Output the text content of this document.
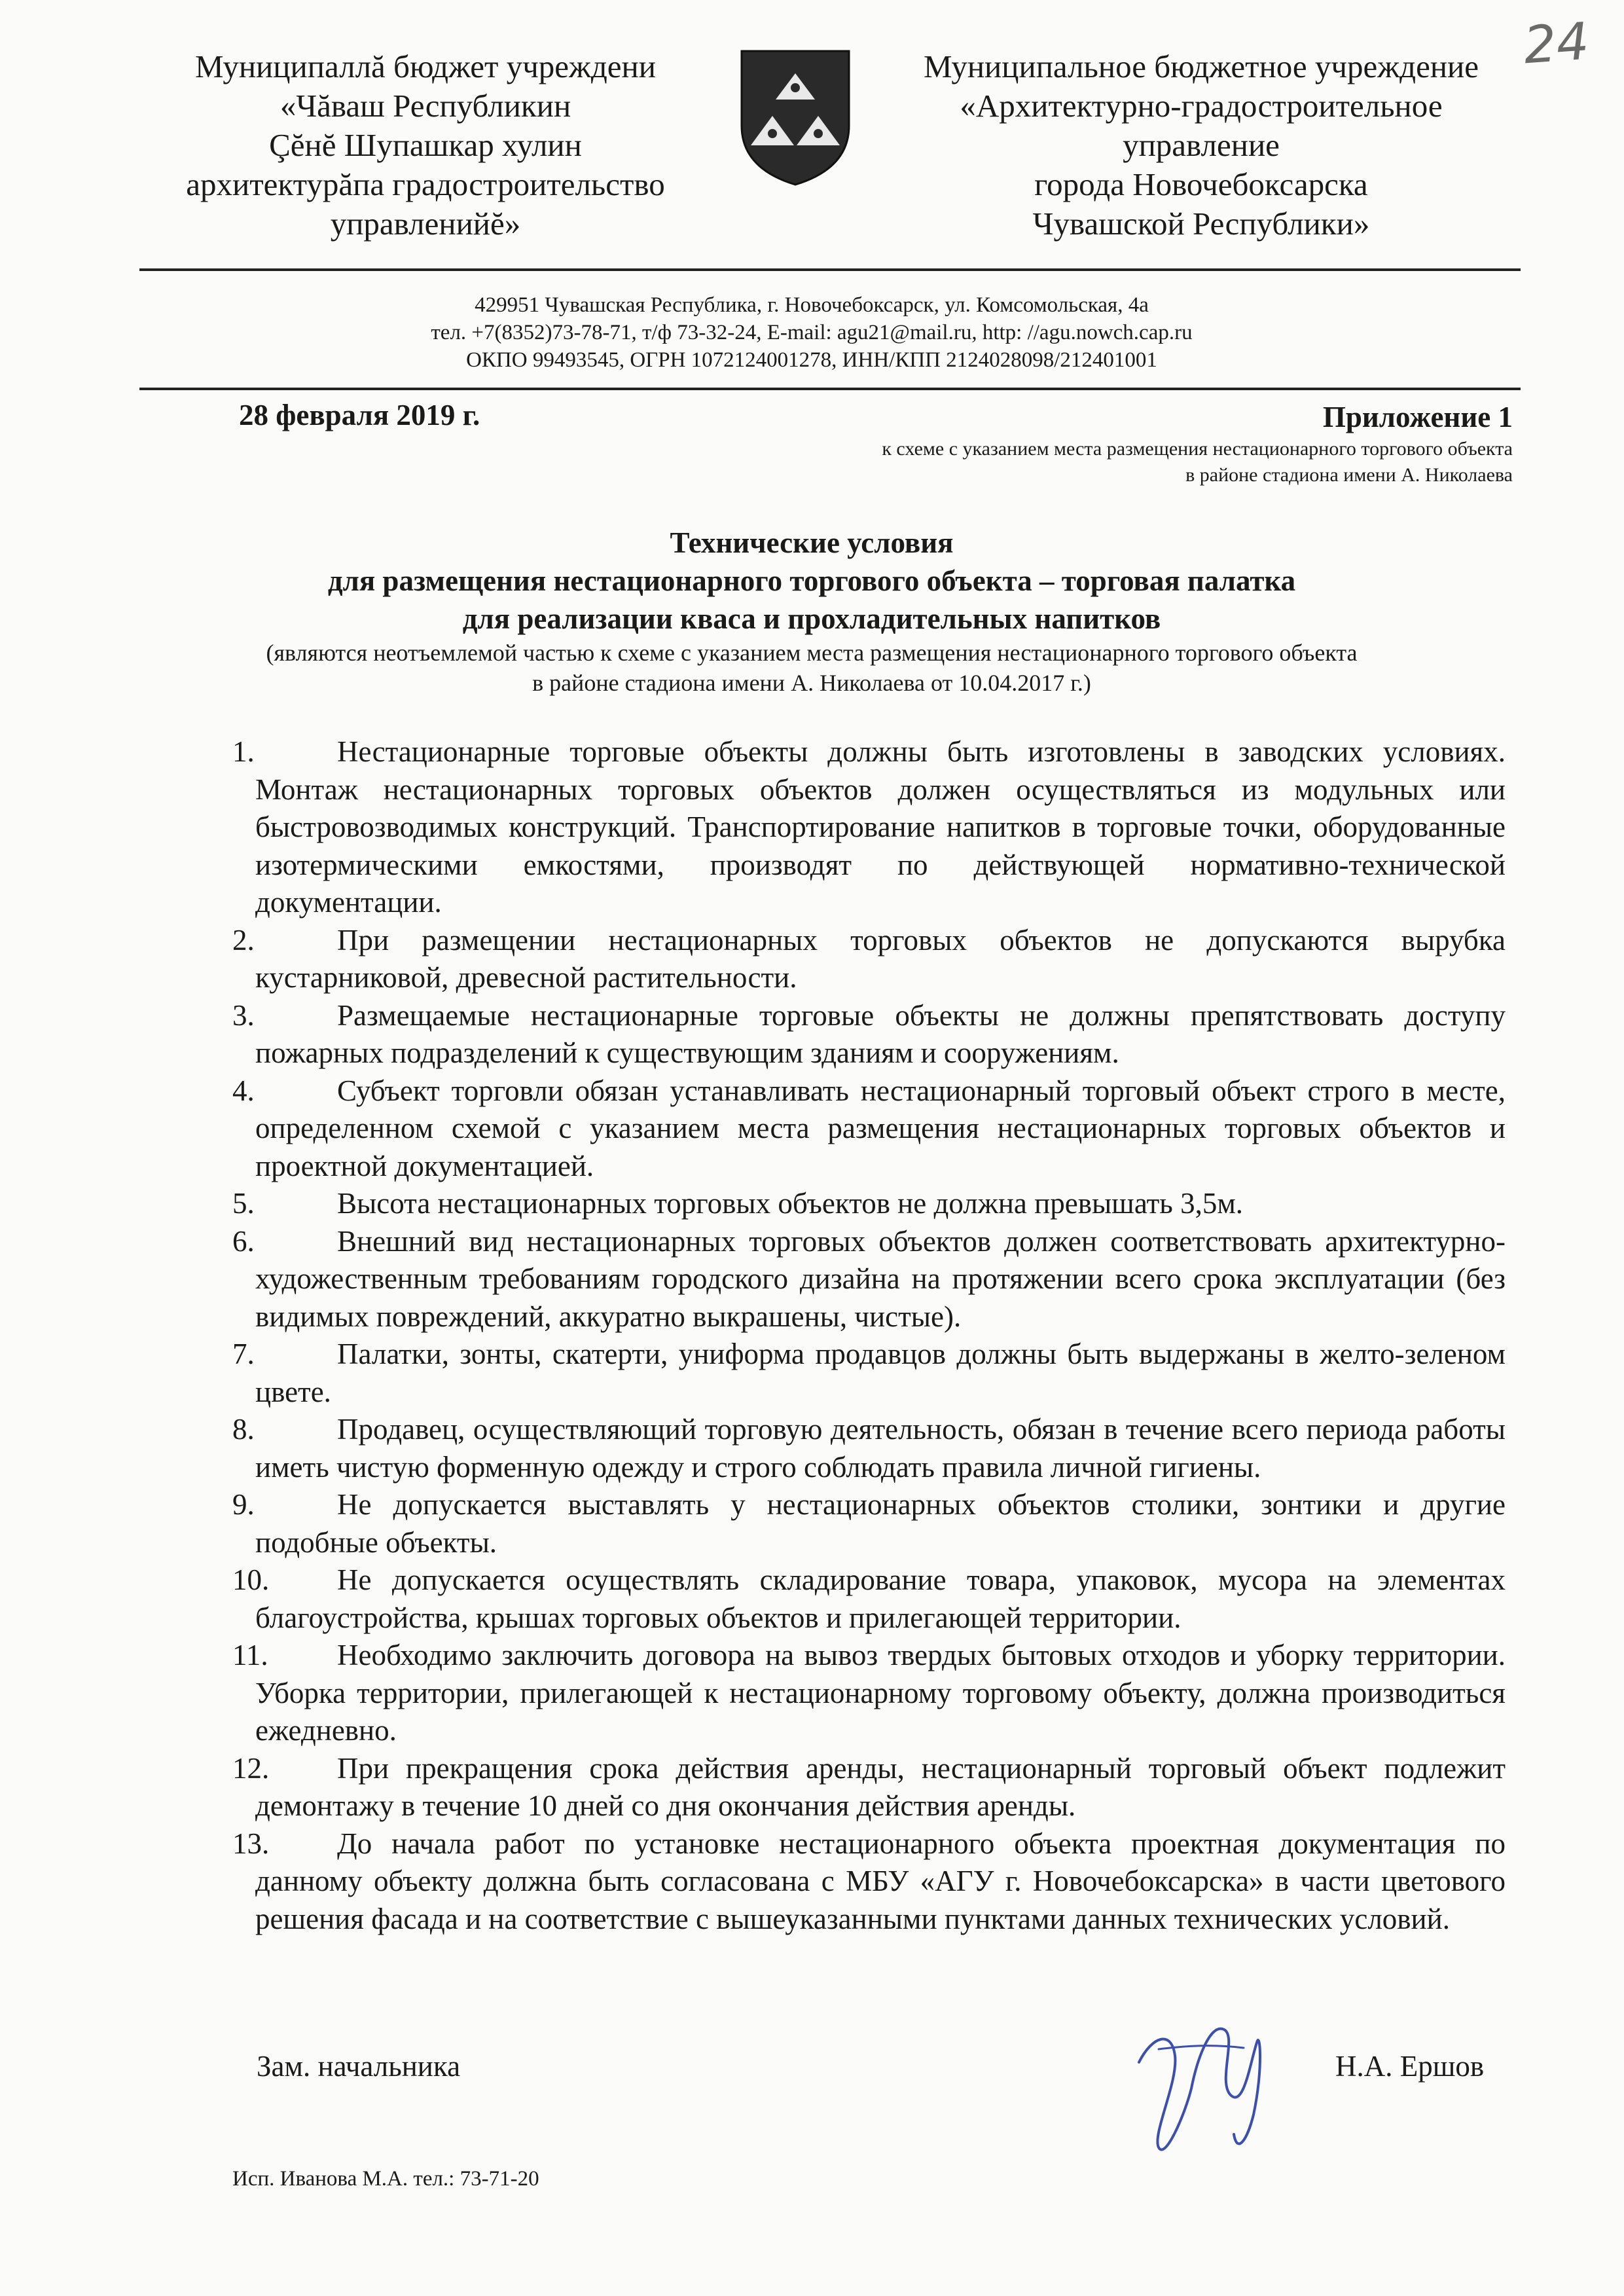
24
Муниципаллă бюджет учреждени
«Чăваш Республикин
Çĕнĕ Шупашкар хулин
архитектурăпа градостроительство
управленийĕ»
Муниципальное бюджетное учреждение
«Архитектурно-градостроительное
управление
города Новочебоксарска
Чувашской Республики»
429951 Чувашская Республика, г. Новочебоксарск, ул. Комсомольская, 4а
тел. +7(8352)73-78-71, т/ф 73-32-24, E-mail: agu21@mail.ru, http: //agu.nowch.cap.ru
ОКПО 99493545, ОГРН 1072124001278, ИНН/КПП 2124028098/212401001
28 февраля 2019 г.	Приложение 1
к схеме с указанием места размещения нестационарного торгового объекта
в районе стадиона имени А. Николаева
Технические условия
для размещения нестационарного торгового объекта – торговая палатка
для реализации кваса и прохладительных напитков
(являются неотъемлемой частью к схеме с указанием места размещения нестационарного торгового объекта
в районе стадиона имени А. Николаева от 10.04.2017 г.)
1.	Нестационарные торговые объекты должны быть изготовлены в заводских условиях. Монтаж нестационарных торговых объектов должен осуществляться из модульных или быстровозводимых конструкций. Транспортирование напитков в торговые точки, оборудованные изотермическими емкостями, производят по действующей нормативно-технической документации.
2.	При размещении нестационарных торговых объектов не допускаются вырубка кустарниковой, древесной растительности.
3.	Размещаемые нестационарные торговые объекты не должны препятствовать доступу пожарных подразделений к существующим зданиям и сооружениям.
4.	Субъект торговли обязан устанавливать нестационарный торговый объект строго в месте, определенном схемой с указанием места размещения нестационарных торговых объектов и проектной документацией.
5.	Высота нестационарных торговых объектов не должна превышать 3,5м.
6.	Внешний вид нестационарных торговых объектов должен соответствовать архитектурно-художественным требованиям городского дизайна на протяжении всего срока эксплуатации (без видимых повреждений, аккуратно выкрашены, чистые).
7.	Палатки, зонты, скатерти, униформа продавцов должны быть выдержаны в желто-зеленом цвете.
8.	Продавец, осуществляющий торговую деятельность, обязан в течение всего периода работы иметь чистую форменную одежду и строго соблюдать правила личной гигиены.
9.	Не допускается выставлять у нестационарных объектов столики, зонтики и другие подобные объекты.
10.	Не допускается осуществлять складирование товара, упаковок, мусора на элементах благоустройства, крышах торговых объектов и прилегающей территории.
11.	Необходимо заключить договора на вывоз твердых бытовых отходов и уборку территории. Уборка территории, прилегающей к нестационарному торговому объекту, должна производиться ежедневно.
12.	При прекращения срока действия аренды, нестационарный торговый объект подлежит демонтажу в течение 10 дней со дня окончания действия аренды.
13.	До начала работ по установке нестационарного объекта проектная документация по данному объекту должна быть согласована с МБУ «АГУ г. Новочебоксарска» в части цветового решения фасада и на соответствие с вышеуказанными пунктами данных технических условий.
Зам. начальника	Н.А. Ершов
Исп. Иванова М.А. тел.: 73-71-20
